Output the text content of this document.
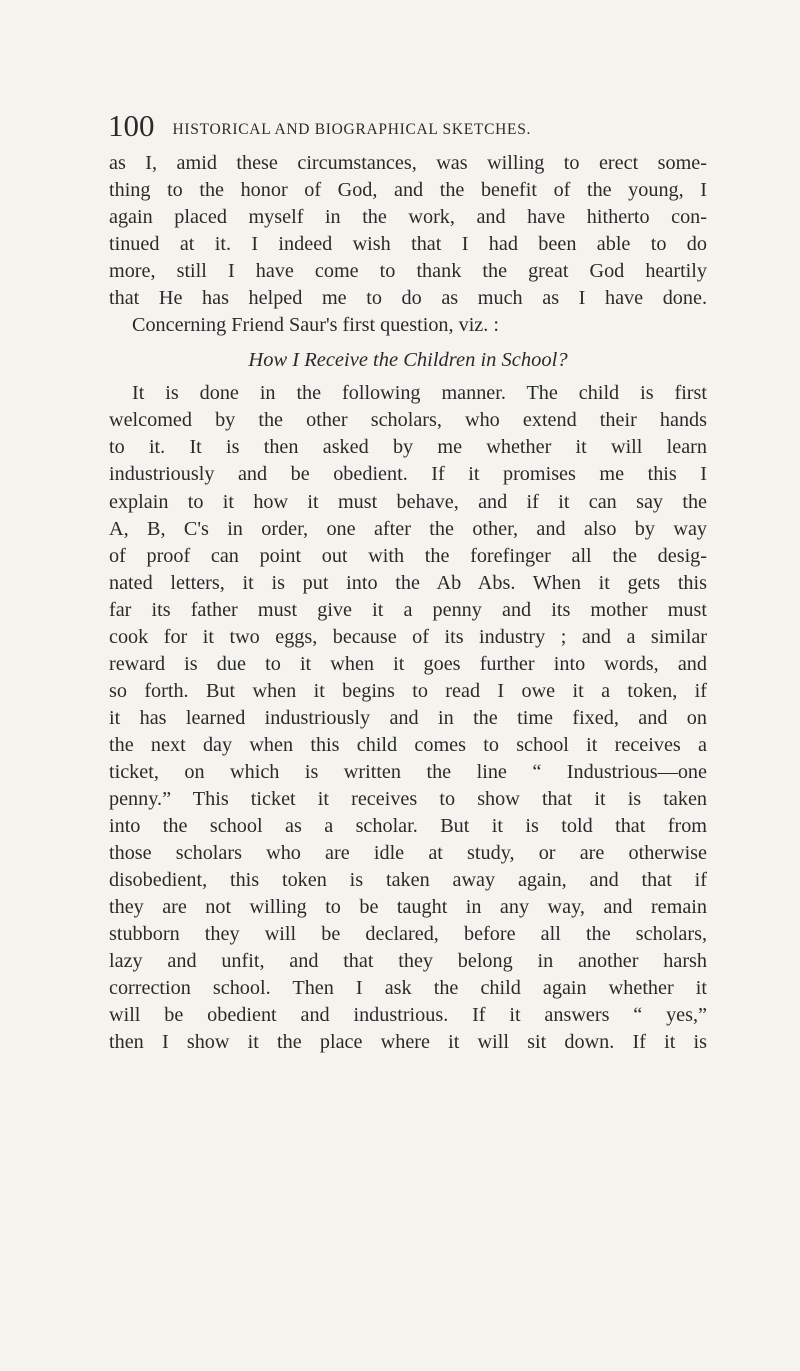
100 HISTORICAL AND BIOGRAPHICAL SKETCHES.
as I, amid these circumstances, was willing to erect some-
thing to the honor of God, and the benefit of the young, I
again placed myself in the work, and have hitherto con-
tinued at it. I indeed wish that I had been able to do
more, still I have come to thank the great God heartily
that He has helped me to do as much as I have done.
Concerning Friend Saur's first question, viz. :
How I Receive the Children in School?
It is done in the following manner. The child is first
welcomed by the other scholars, who extend their hands
to it. It is then asked by me whether it will learn
industriously and be obedient. If it promises me this I
explain to it how it must behave, and if it can say the
A, B, C's in order, one after the other, and also by way
of proof can point out with the forefinger all the desig-
nated letters, it is put into the Ab Abs. When it gets this
far its father must give it a penny and its mother must
cook for it two eggs, because of its industry ; and a similar
reward is due to it when it goes further into words, and
so forth. But when it begins to read I owe it a token, if
it has learned industriously and in the time fixed, and on
the next day when this child comes to school it receives a
ticket, on which is written the line “ Industrious—one
penny.” This ticket it receives to show that it is taken
into the school as a scholar. But it is told that from
those scholars who are idle at study, or are otherwise
disobedient, this token is taken away again, and that if
they are not willing to be taught in any way, and remain
stubborn they will be declared, before all the scholars,
lazy and unfit, and that they belong in another harsh
correction school. Then I ask the child again whether it
will be obedient and industrious. If it answers “ yes,”
then I show it the place where it will sit down. If it is
